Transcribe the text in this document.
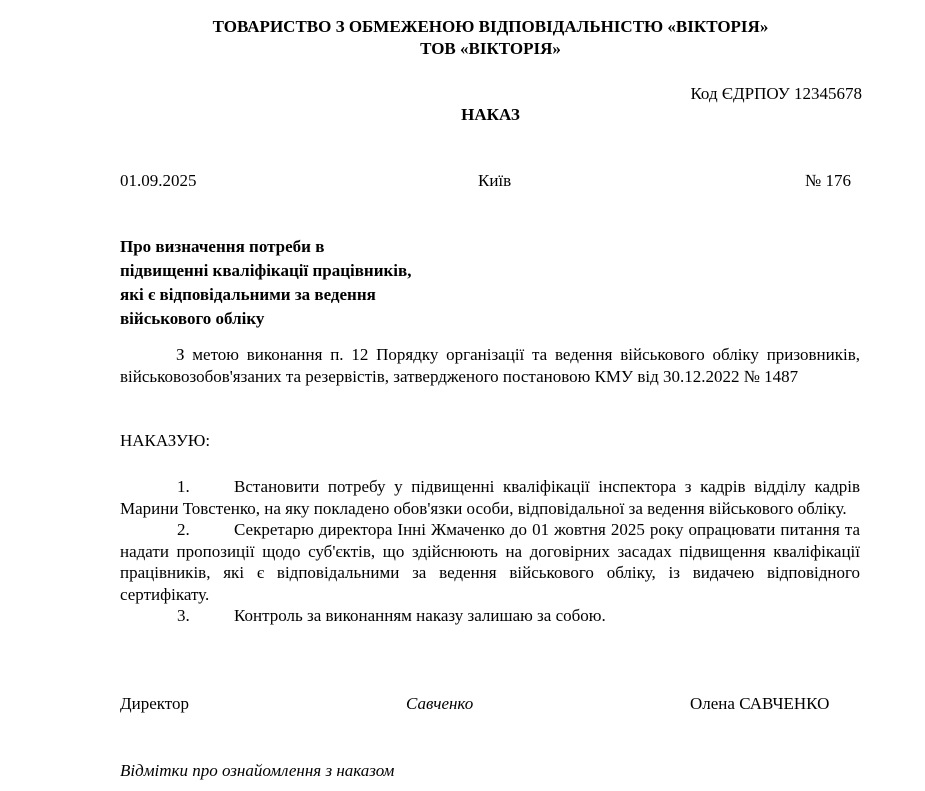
ТОВАРИСТВО З ОБМЕЖЕНОЮ ВІДПОВІДАЛЬНІСТЮ «ВІКТОРІЯ»
ТОВ «ВІКТОРІЯ»
Код ЄДРПОУ 12345678
НАКАЗ
01.09.2025	Київ	№ 176
Про визначення потреби в
підвищенні кваліфікації працівників,
які є відповідальними за ведення
військового обліку
З метою виконання п. 12 Порядку організації та ведення військового обліку призовників, військовозобов'язаних та резервістів, затвердженого постановою КМУ від 30.12.2022 № 1487
НАКАЗУЮ:
1.	Встановити потребу у підвищенні кваліфікації інспектора з кадрів відділу кадрів Марини Товстенко, на яку покладено обов'язки особи, відповідальної за ведення військового обліку.
2.	Секретарю директора Інні Жмаченко до 01 жовтня 2025 року опрацювати питання та надати пропозиції щодо суб'єктів, що здійснюють на договірних засадах підвищення кваліфікації працівників, які є відповідальними за ведення військового обліку, із видачею відповідного сертифікату.
3.	Контроль за виконанням наказу залишаю за собою.
Директор	Савченко	Олена САВЧЕНКО
Відмітки про ознайомлення з наказом
